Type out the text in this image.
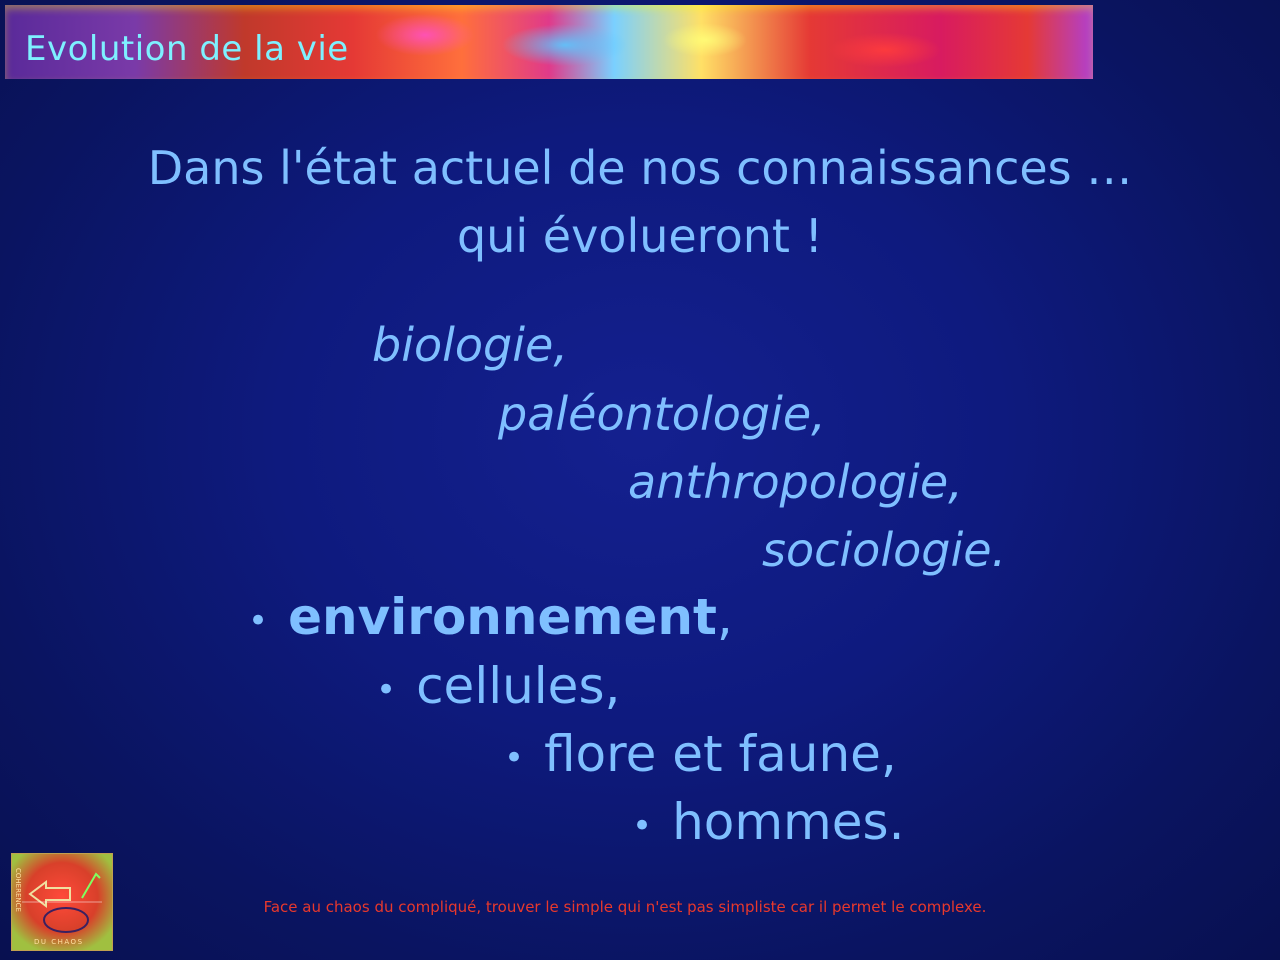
Evolution de la vie
Dans l'état actuel de nos connaissances …
qui évolueront !
biologie,
paléontologie,
anthropologie,
sociologie.
• environnement,
• cellules,
• flore et faune,
• hommes.
COHERENCE
DU CHAOS
Face au chaos du compliqué, trouver le simple qui n'est pas simpliste car il permet le complexe.
